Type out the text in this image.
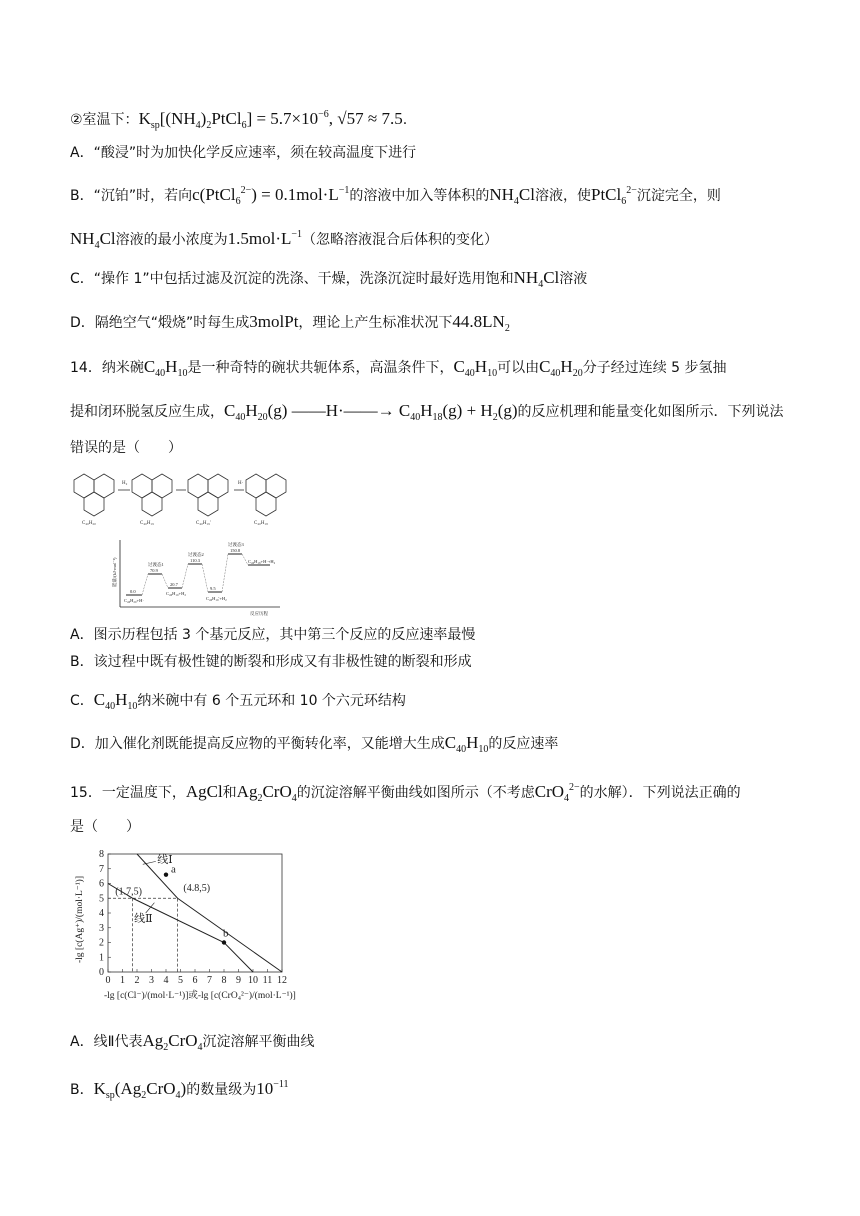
②室温下：$K_{sp}[(NH_4)_2PtCl_6] = 5.7\times 10^{-6}$, √57 ≈ 7.5.
A．“酸浸”时为加快化学反应速率，须在较高温度下进行
B．“沉铂”时，若向c(PtCl$_6^{2-}$) = $0.1mol\cdot L^{-1}$的溶液中加入等体积的$NH_4Cl$溶液，使PtCl$_6^{2-}$沉淀完全，则
$NH_4Cl$溶液的最小浓度为$1.5mol\cdot L^{-1}$（忽略溶液混合后体积的变化）
C．“操作 1”中包括过滤及沉淀的洗涤、干燥，洗涤沉淀时最好选用饱和$NH_4Cl$溶液
D．隔绝空气“煅烧”时每生成3molPt，理论上产生标准状况下$44.8LN_2$
14．纳米碗$C_{40}H_{10}$是一种奇特的碗状共轭体系，高温条件下，$C_{40}H_{10}$可以由$C_{40}H_{20}$分子经过连续 5 步氢抽
提和闭环脱氢反应生成，$C_{40}H_{20}(g)$ ——H·——→ $C_{40}H_{18}(g) + H_2(g)$的反应机理和能量变化如图所示．下列说法
错误的是（　　）
C₄₀H₂₀	C₄₀H₁₉	C₄₀H₁₉'	C₄₀H₁₈
H₂	H·
能量/(kJ·mol⁻¹)
反应历程
0.0
C₄₀H₂₀+H·
过渡态1
70.9
20.7
C₄₀H₁₉+H₂
过渡态2
110.3
9.5
C₄₀H₁₉'+H₂
过渡态3
150.8
C₄₀H₁₈+H·+H₂
A．图示历程包括 3 个基元反应，其中第三个反应的反应速率最慢
B．该过程中既有极性键的断裂和形成又有非极性键的断裂和形成
C．$C_{40}H_{10}$纳米碗中有 6 个五元环和 10 个六元环结构
D．加入催化剂既能提高反应物的平衡转化率，又能增大生成$C_{40}H_{10}$的反应速率
15．一定温度下，AgCl和$Ag_2CrO_4$的沉淀溶解平衡曲线如图所示（不考虑CrO$_4^{2-}$的水解）．下列说法正确的
是（　　）
0 1 2 3 4 5 6 7 8 9 10 11 12
0
1
2
3
4
5
6
7
8
-lg [c(Cl⁻)/(mol·L⁻¹)]或-lg [c(CrO₄²⁻)/(mol·L⁻¹)]
-lg [c(Ag⁺)/(mol·L⁻¹)]
线Ⅰ
线Ⅱ
(1.7,5)	(4.8,5)
a
b
A．线Ⅱ代表$Ag_2CrO_4$沉淀溶解平衡曲线
B．$K_{sp}(Ag_2CrO_4)$的数量级为$10^{-11}$
